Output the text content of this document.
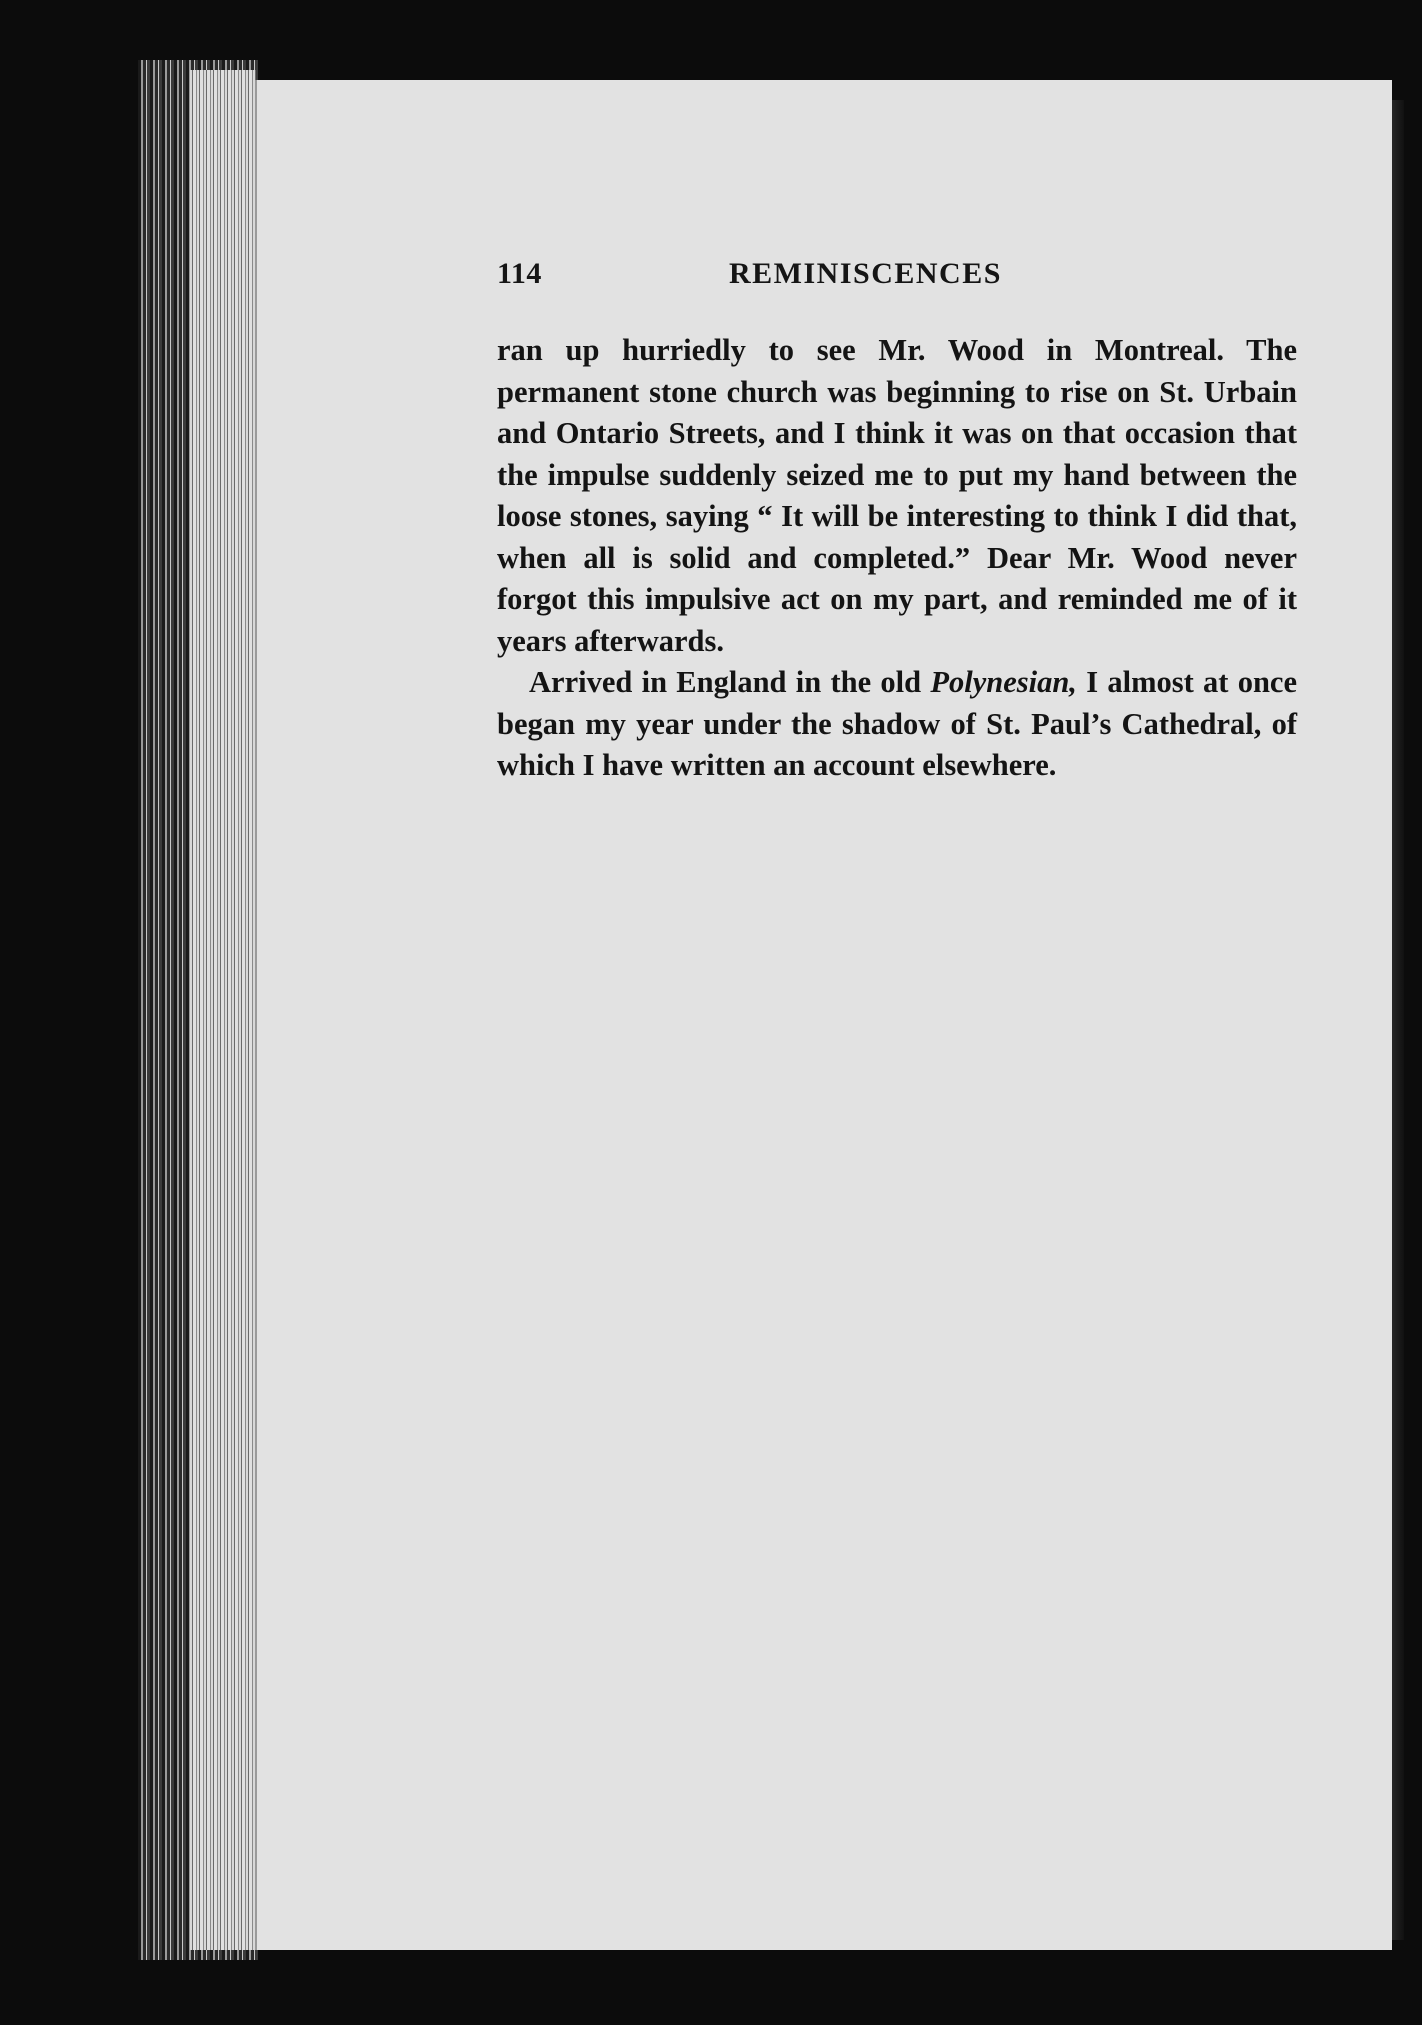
114	REMINISCENCES

ran up hurriedly to see Mr. Wood in Montreal. The permanent stone church was beginning to rise on St. Urbain and Ontario Streets, and I think it was on that occasion that the impulse suddenly seized me to put my hand between the loose stones, saying “ It will be interesting to think I did that, when all is solid and completed.” Dear Mr. Wood never forgot this impulsive act on my part, and reminded me of it years afterwards.

Arrived in England in the old Polynesian, I almost at once began my year under the shadow of St. Paul’s Cathedral, of which I have written an account elsewhere.
